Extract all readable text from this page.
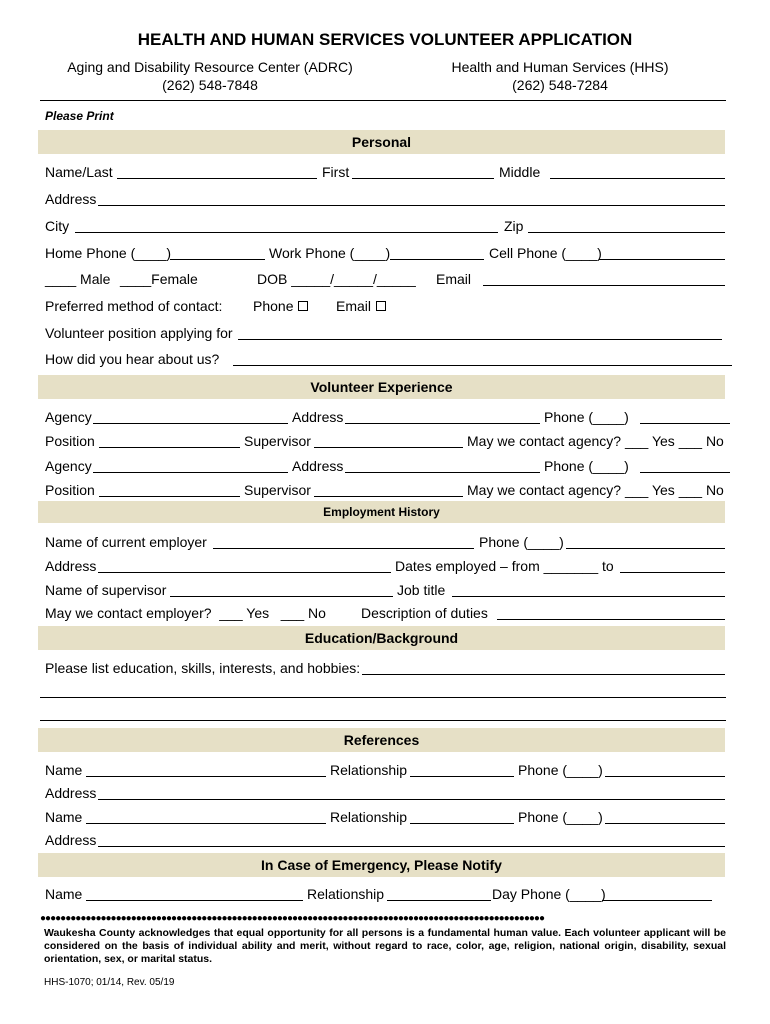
HEALTH AND HUMAN SERVICES VOLUNTEER APPLICATION
Aging and Disability Resource Center (ADRC)
(262) 548-7848
Health and Human Services (HHS)
(262) 548-7284
Please Print
Personal
Name/Last	First	Middle
Address
City	Zip
Home Phone (____)	Work Phone (____)	Cell Phone (____)
____ Male ____Female	DOB _____/_____/_____ Email
Preferred method of contact: Phone	Email
Volunteer position applying for
How did you hear about us?
Volunteer Experience
Agency	Address	Phone (____)
Position	Supervisor	May we contact agency? ___ Yes ___ No
Agency	Address	Phone (____)
Position	Supervisor	May we contact agency? ___ Yes ___ No
Employment History
Name of current employer	Phone (____)
Address	Dates employed – from _______ to
Name of supervisor	Job title
May we contact employer?  ___ Yes   ___ No	Description of duties
Education/Background
Please list education, skills, interests, and hobbies:
References
Name	Relationship	Phone (____)
Address
Name	Relationship	Phone (____)
Address
In Case of Emergency, Please Notify
Name	Relationship	Day Phone (____)
●●●●●●●●●●●●●●●●●●●●●●●●●●●●●●●●●●●●●●●●●●●●●●●●●●●●●●●●●●●●●●●●●●●●●●●●●●●●●●●●●●●●●●●●●●●●●●●●●●●●
Waukesha County acknowledges that equal opportunity for all persons is a fundamental human value. Each volunteer applicant will be considered on the basis of individual ability and merit, without regard to race, color, age, religion, national origin, disability, sexual orientation, sex, or marital status.
HHS-1070; 01/14, Rev. 05/19
